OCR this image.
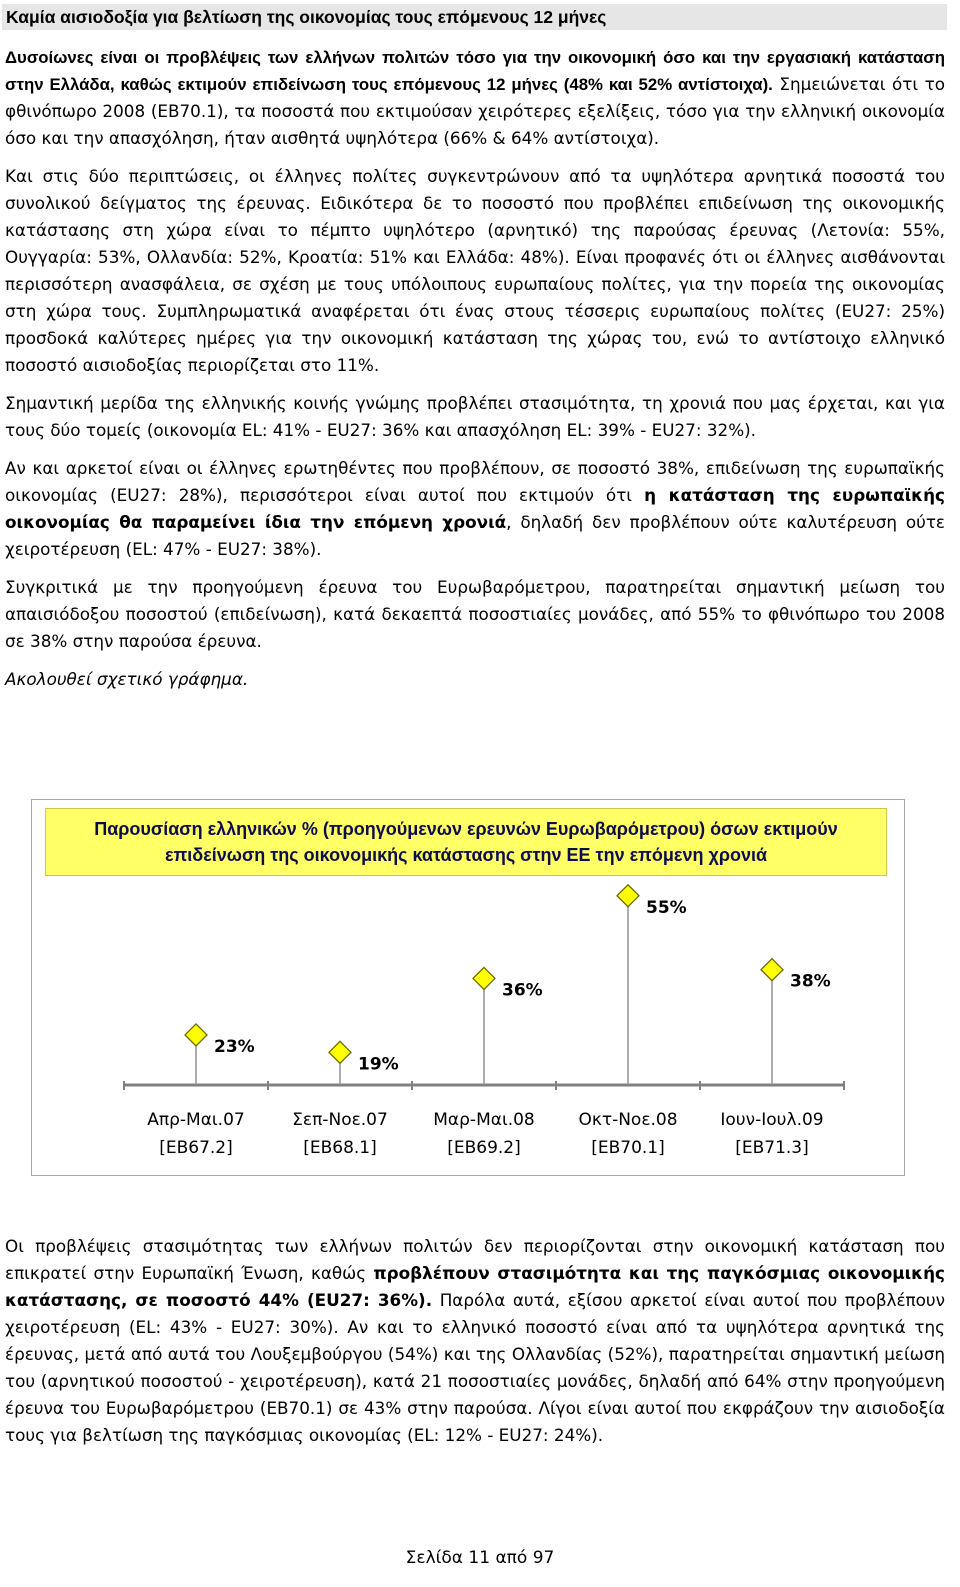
Καμία αισιοδοξία για βελτίωση της οικονομίας τους επόμενους 12 μήνες

Δυσοίωνες είναι οι προβλέψεις των ελλήνων πολιτών τόσο για την οικονομική όσο και την εργασιακή κατάσταση στην Ελλάδα, καθώς εκτιμούν επιδείνωση τους επόμενους 12 μήνες (48% και 52% αντίστοιχα). Σημειώνεται ότι το φθινόπωρο 2008 (ΕΒ70.1), τα ποσοστά που εκτιμούσαν χειρότερες εξελίξεις, τόσο για την ελληνική οικονομία όσο και την απασχόληση, ήταν αισθητά υψηλότερα (66% & 64% αντίστοιχα).

Και στις δύο περιπτώσεις, οι έλληνες πολίτες συγκεντρώνουν από τα υψηλότερα αρνητικά ποσοστά του συνολικού δείγματος της έρευνας. Ειδικότερα δε το ποσοστό που προβλέπει επιδείνωση της οικονομικής κατάστασης στη χώρα είναι το πέμπτο υψηλότερο (αρνητικό) της παρούσας έρευνας (Λετονία: 55%, Ουγγαρία: 53%, Ολλανδία: 52%, Κροατία: 51% και Ελλάδα: 48%). Είναι προφανές ότι οι έλληνες αισθάνονται περισσότερη ανασφάλεια, σε σχέση με τους υπόλοιπους ευρωπαίους πολίτες, για την πορεία της οικονομίας στη χώρα τους. Συμπληρωματικά αναφέρεται ότι ένας στους τέσσερις ευρωπαίους πολίτες (EU27: 25%) προσδοκά καλύτερες ημέρες για την οικονομική κατάσταση της χώρας του, ενώ το αντίστοιχο ελληνικό ποσοστό αισιοδοξίας περιορίζεται στο 11%.

Σημαντική μερίδα της ελληνικής κοινής γνώμης προβλέπει στασιμότητα, τη χρονιά που μας έρχεται, και για τους δύο τομείς (οικονομία EL: 41% - EU27: 36% και απασχόληση EL: 39% - EU27: 32%).

Αν και αρκετοί είναι οι έλληνες ερωτηθέντες που προβλέπουν, σε ποσοστό 38%, επιδείνωση της ευρωπαϊκής οικονομίας (EU27: 28%), περισσότεροι είναι αυτοί που εκτιμούν ότι η κατάσταση της ευρωπαϊκής οικονομίας θα παραμείνει ίδια την επόμενη χρονιά, δηλαδή δεν προβλέπουν ούτε καλυτέρευση ούτε χειροτέρευση (EL: 47% - EU27: 38%).

Συγκριτικά με την προηγούμενη έρευνα του Ευρωβαρόμετρου, παρατηρείται σημαντική μείωση του απαισιόδοξου ποσοστού (επιδείνωση), κατά δεκαεπτά ποσοστιαίες μονάδες, από 55% το φθινόπωρο του 2008 σε 38% στην παρούσα έρευνα.

Ακολουθεί σχετικό γράφημα.

Παρουσίαση ελληνικών % (προηγούμενων ερευνών Ευρωβαρόμετρου) όσων εκτιμούν επιδείνωση της οικονομικής κατάστασης στην ΕΕ την επόμενη χρονιά
23%
Απρ-Μαι.07
[ΕΒ67.2]
19%
Σεπ-Νοε.07
[ΕΒ68.1]
36%
Μαρ-Μαι.08
[ΕΒ69.2]
55%
Οκτ-Νοε.08
[ΕΒ70.1]
38%
Ιουν-Ιουλ.09
[ΕΒ71.3]

Οι προβλέψεις στασιμότητας των ελλήνων πολιτών δεν περιορίζονται στην οικονομική κατάσταση που επικρατεί στην Ευρωπαϊκή Ένωση, καθώς προβλέπουν στασιμότητα και της παγκόσμιας οικονομικής κατάστασης, σε ποσοστό 44% (EU27: 36%). Παρόλα αυτά, εξίσου αρκετοί είναι αυτοί που προβλέπουν χειροτέρευση (EL: 43% - EU27: 30%). Αν και το ελληνικό ποσοστό είναι από τα υψηλότερα αρνητικά της έρευνας, μετά από αυτά του Λουξεμβούργου (54%) και της Ολλανδίας (52%), παρατηρείται σημαντική μείωση του (αρνητικού ποσοστού - χειροτέρευση), κατά 21 ποσοστιαίες μονάδες, δηλαδή από 64% στην προηγούμενη έρευνα του Ευρωβαρόμετρου (ΕΒ70.1) σε 43% στην παρούσα. Λίγοι είναι αυτοί που εκφράζουν την αισιοδοξία τους για βελτίωση της παγκόσμιας οικονομίας (EL: 12% - EU27: 24%).

Σελίδα 11 από 97
